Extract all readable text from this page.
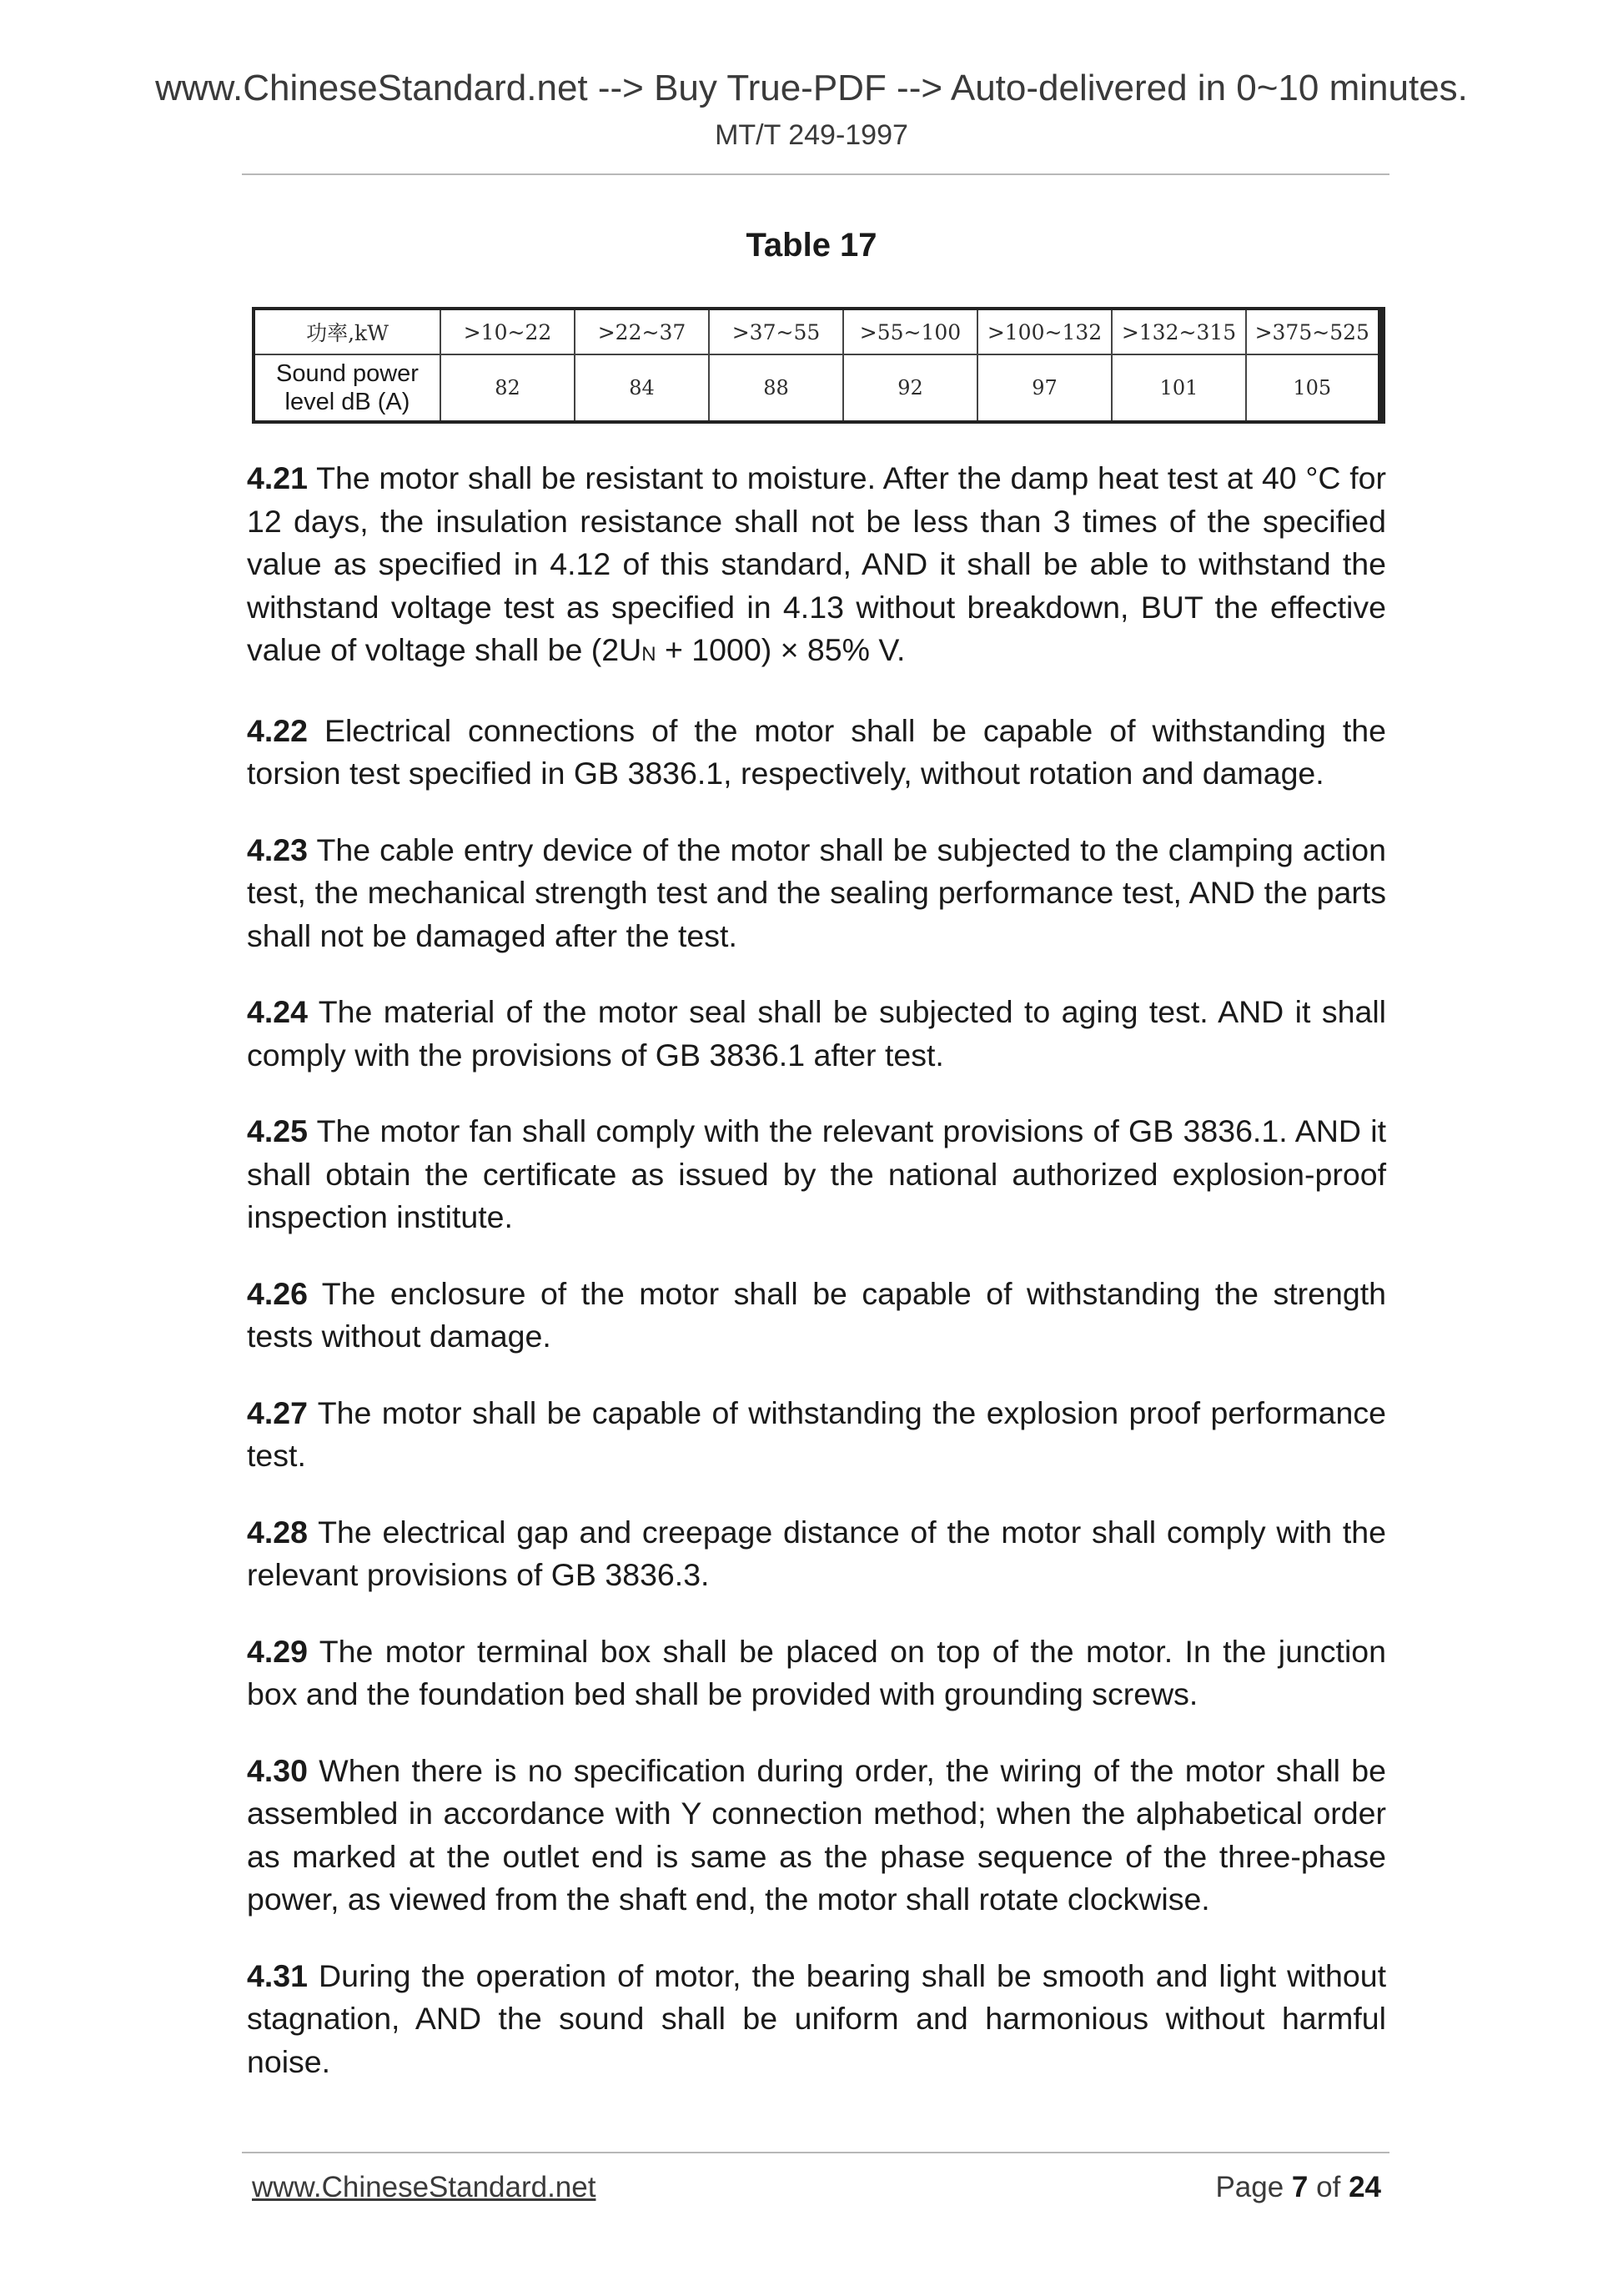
www.ChineseStandard.net --> Buy True-PDF --> Auto-delivered in 0~10 minutes.
MT/T 249-1997
Table 17
功率,kW	>10~22	>22~37	>37~55	>55~100	>100~132	>132~315	>375~525

Sound power
level dB (A)	82	84	88	92	97	101	105

4.21 The motor shall be resistant to moisture. After the damp heat test at 40 °C for 12 days, the insulation resistance shall not be less than 3 times of the specified value as specified in 4.12 of this standard, AND it shall be able to withstand the withstand voltage test as specified in 4.13 without breakdown, BUT the effective value of voltage shall be (2UN + 1000) × 85% V.

4.22 Electrical connections of the motor shall be capable of withstanding the torsion test specified in GB 3836.1, respectively, without rotation and damage.

4.23 The cable entry device of the motor shall be subjected to the clamping action test, the mechanical strength test and the sealing performance test, AND the parts shall not be damaged after the test.

4.24 The material of the motor seal shall be subjected to aging test. AND it shall comply with the provisions of GB 3836.1 after test.

4.25 The motor fan shall comply with the relevant provisions of GB 3836.1. AND it shall obtain the certificate as issued by the national authorized explosion-proof inspection institute.

4.26 The enclosure of the motor shall be capable of withstanding the strength tests without damage.

4.27 The motor shall be capable of withstanding the explosion proof performance test.

4.28 The electrical gap and creepage distance of the motor shall comply with the relevant provisions of GB 3836.3.

4.29 The motor terminal box shall be placed on top of the motor. In the junction box and the foundation bed shall be provided with grounding screws.

4.30 When there is no specification during order, the wiring of the motor shall be assembled in accordance with Y connection method; when the alphabetical order as marked at the outlet end is same as the phase sequence of the three-phase power, as viewed from the shaft end, the motor shall rotate clockwise.

4.31 During the operation of motor, the bearing shall be smooth and light without stagnation, AND the sound shall be uniform and harmonious without harmful noise.

www.ChineseStandard.net	Page 7 of 24
